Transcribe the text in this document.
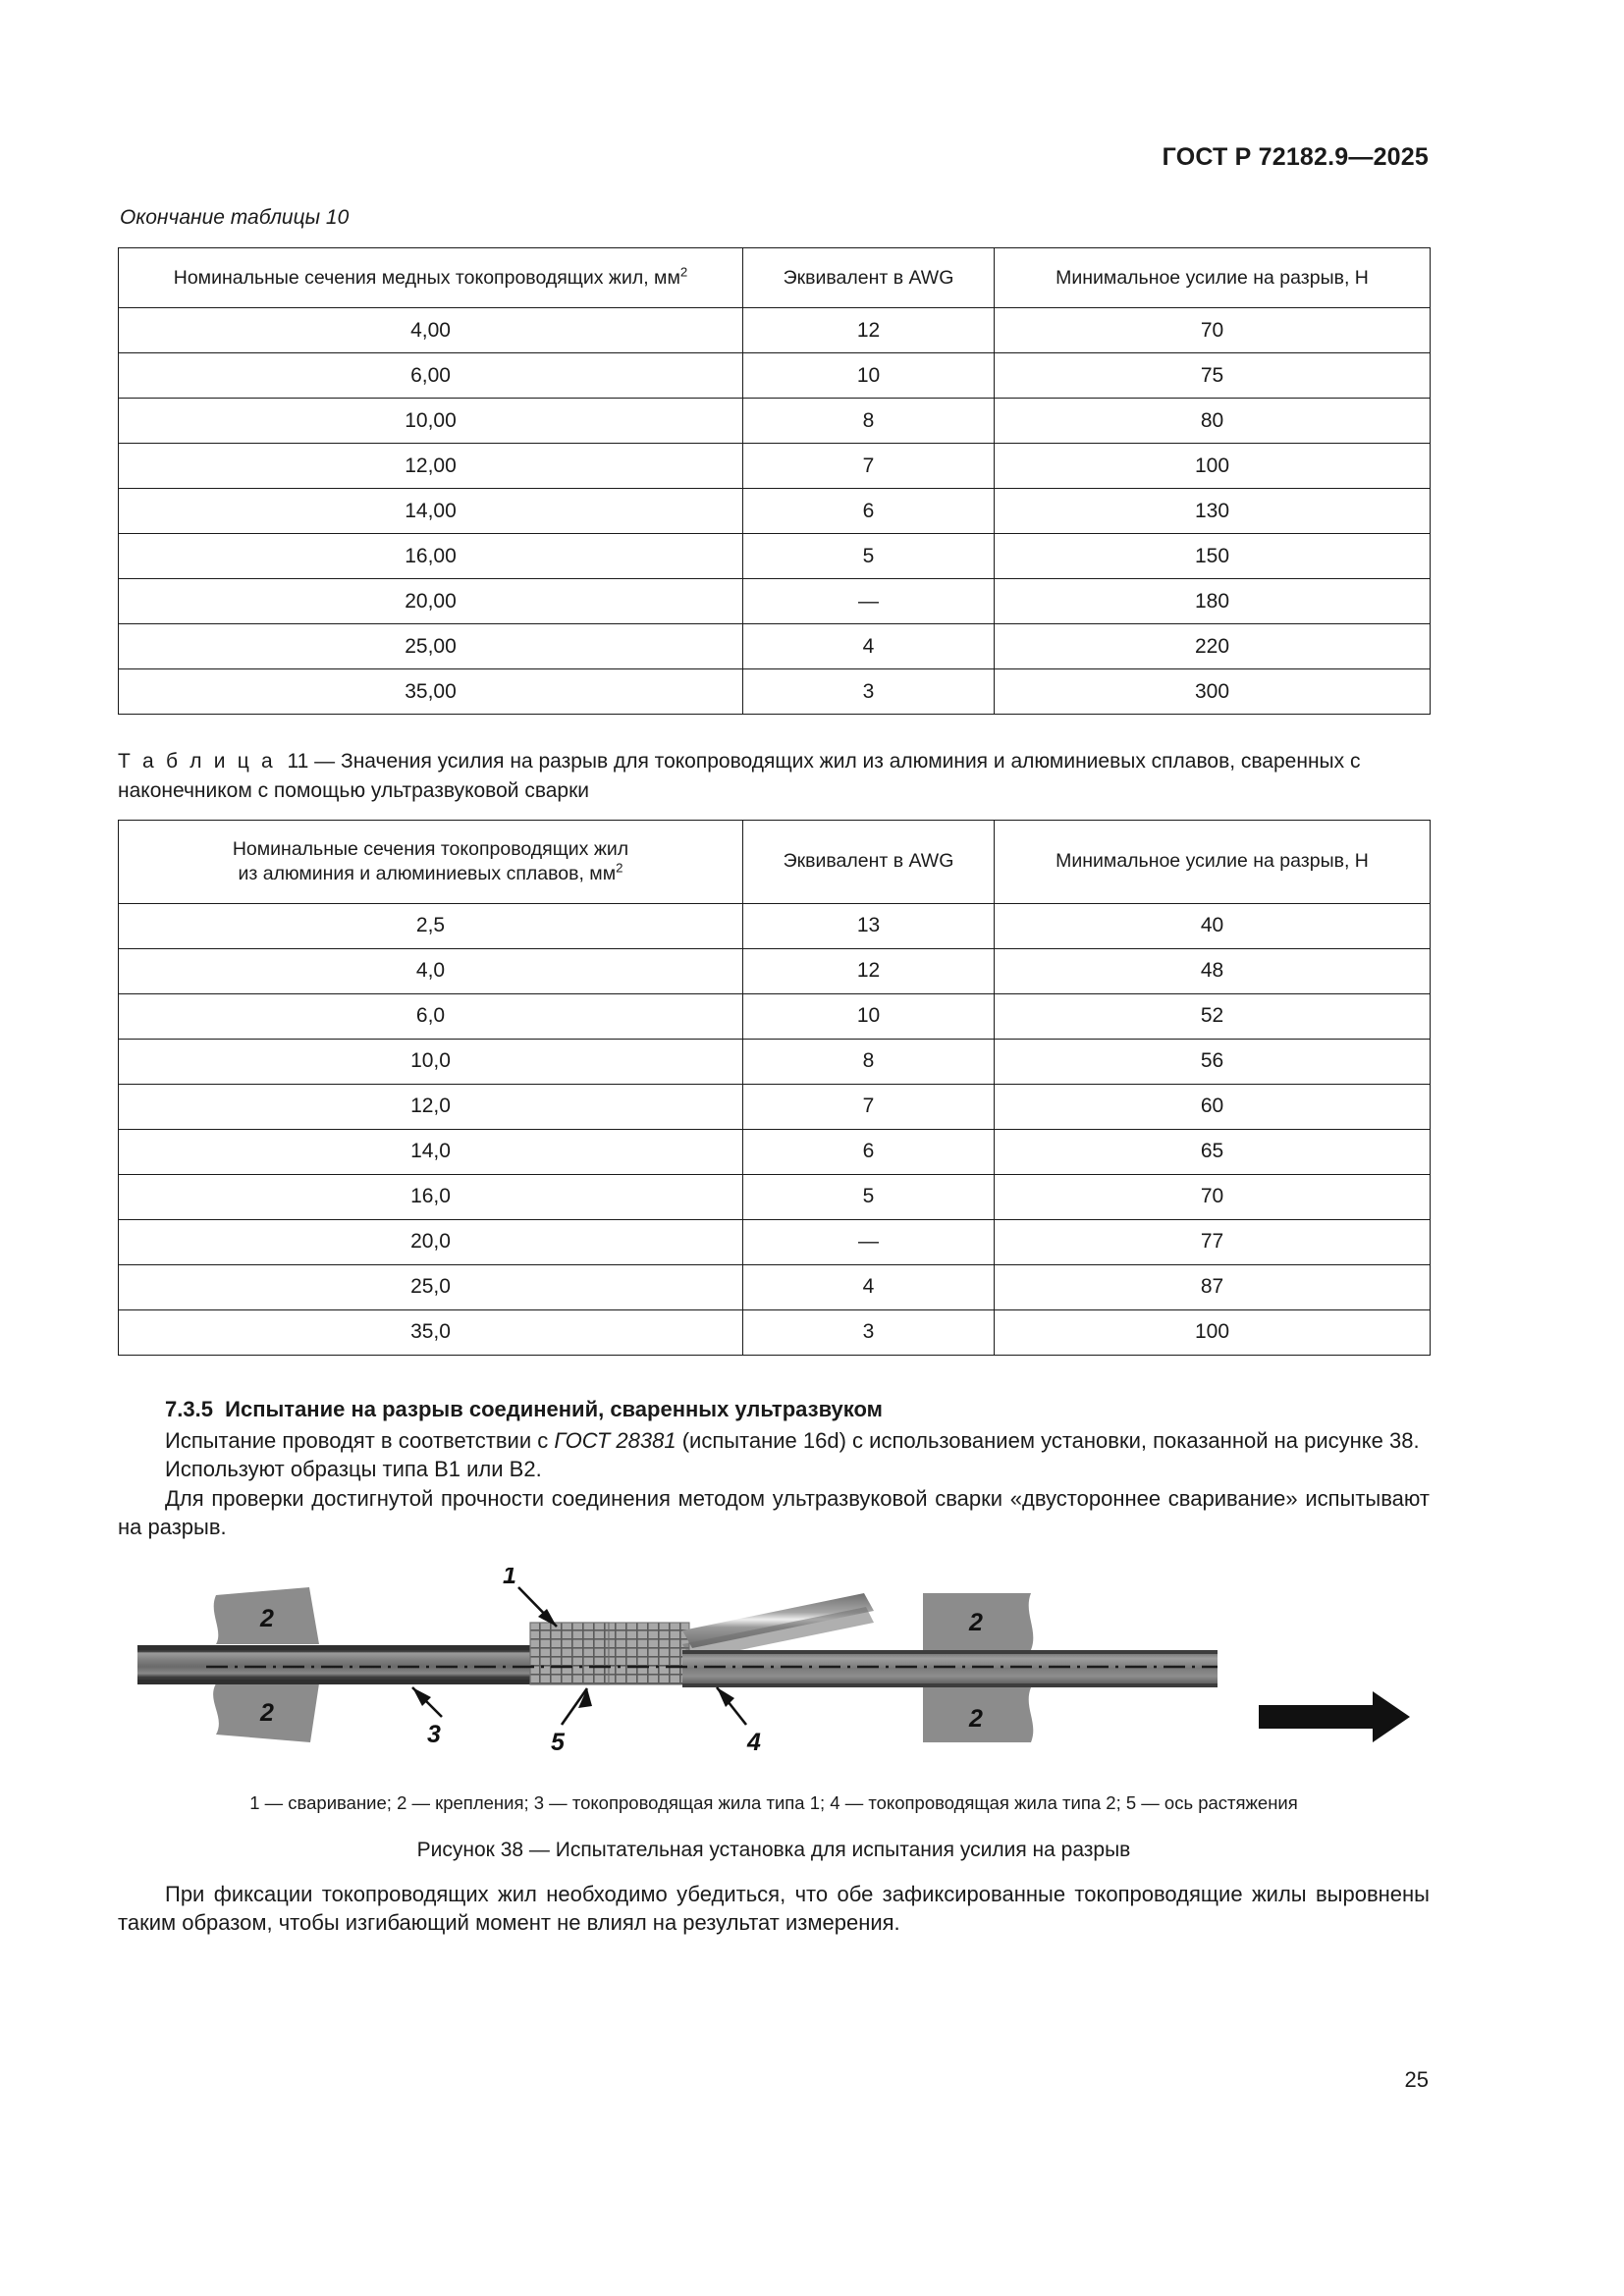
ГОСТ Р 72182.9—2025
Окончание таблицы 10
Номинальные сечения медных токопроводящих жил, $мм^2$	Эквивалент в AWG	Минимальное усилие на разрыв, Н
4,00	12	70
6,00	10	75
10,00	8	80
12,00	7	100
14,00	6	130
16,00	5	150
20,00	—	180
25,00	4	220
35,00	3	300
Т а б л и ц а 11 — Значения усилия на разрыв для токопроводящих жил из алюминия и алюминиевых сплавов, сваренных с наконечником с помощью ультразвуковой сварки
Номинальные сечения токопроводящих жил
из алюминия и алюминиевых сплавов, $мм^2$	Эквивалент в AWG	Минимальное усилие на разрыв, Н
2,5	13	40
4,0	12	48
6,0	10	52
10,0	8	56
12,0	7	60
14,0	6	65
16,0	5	70
20,0	—	77
25,0	4	87
35,0	3	100
7.3.5 Испытание на разрыв соединений, сваренных ультразвуком

Испытание проводят в соответствии с ГОСТ 28381 (испытание 16d) с использованием установки, показанной на рисунке 38.

Используют образцы типа B1 или B2.

Для проверки достигнутой прочности соединения методом ультразвуковой сварки «двустороннее сваривание» испытывают на разрыв.

1
3	5	4
2
2
2
2
1 — сваривание; 2 — крепления; 3 — токопроводящая жила типа 1; 4 — токопроводящая жила типа 2; 5 — ось растяжения
Рисунок 38 — Испытательная установка для испытания усилия на разрыв

При фиксации токопроводящих жил необходимо убедиться, что обе зафиксированные токопроводящие жилы выровнены таким образом, чтобы изгибающий момент не влиял на результат измерения.

25
